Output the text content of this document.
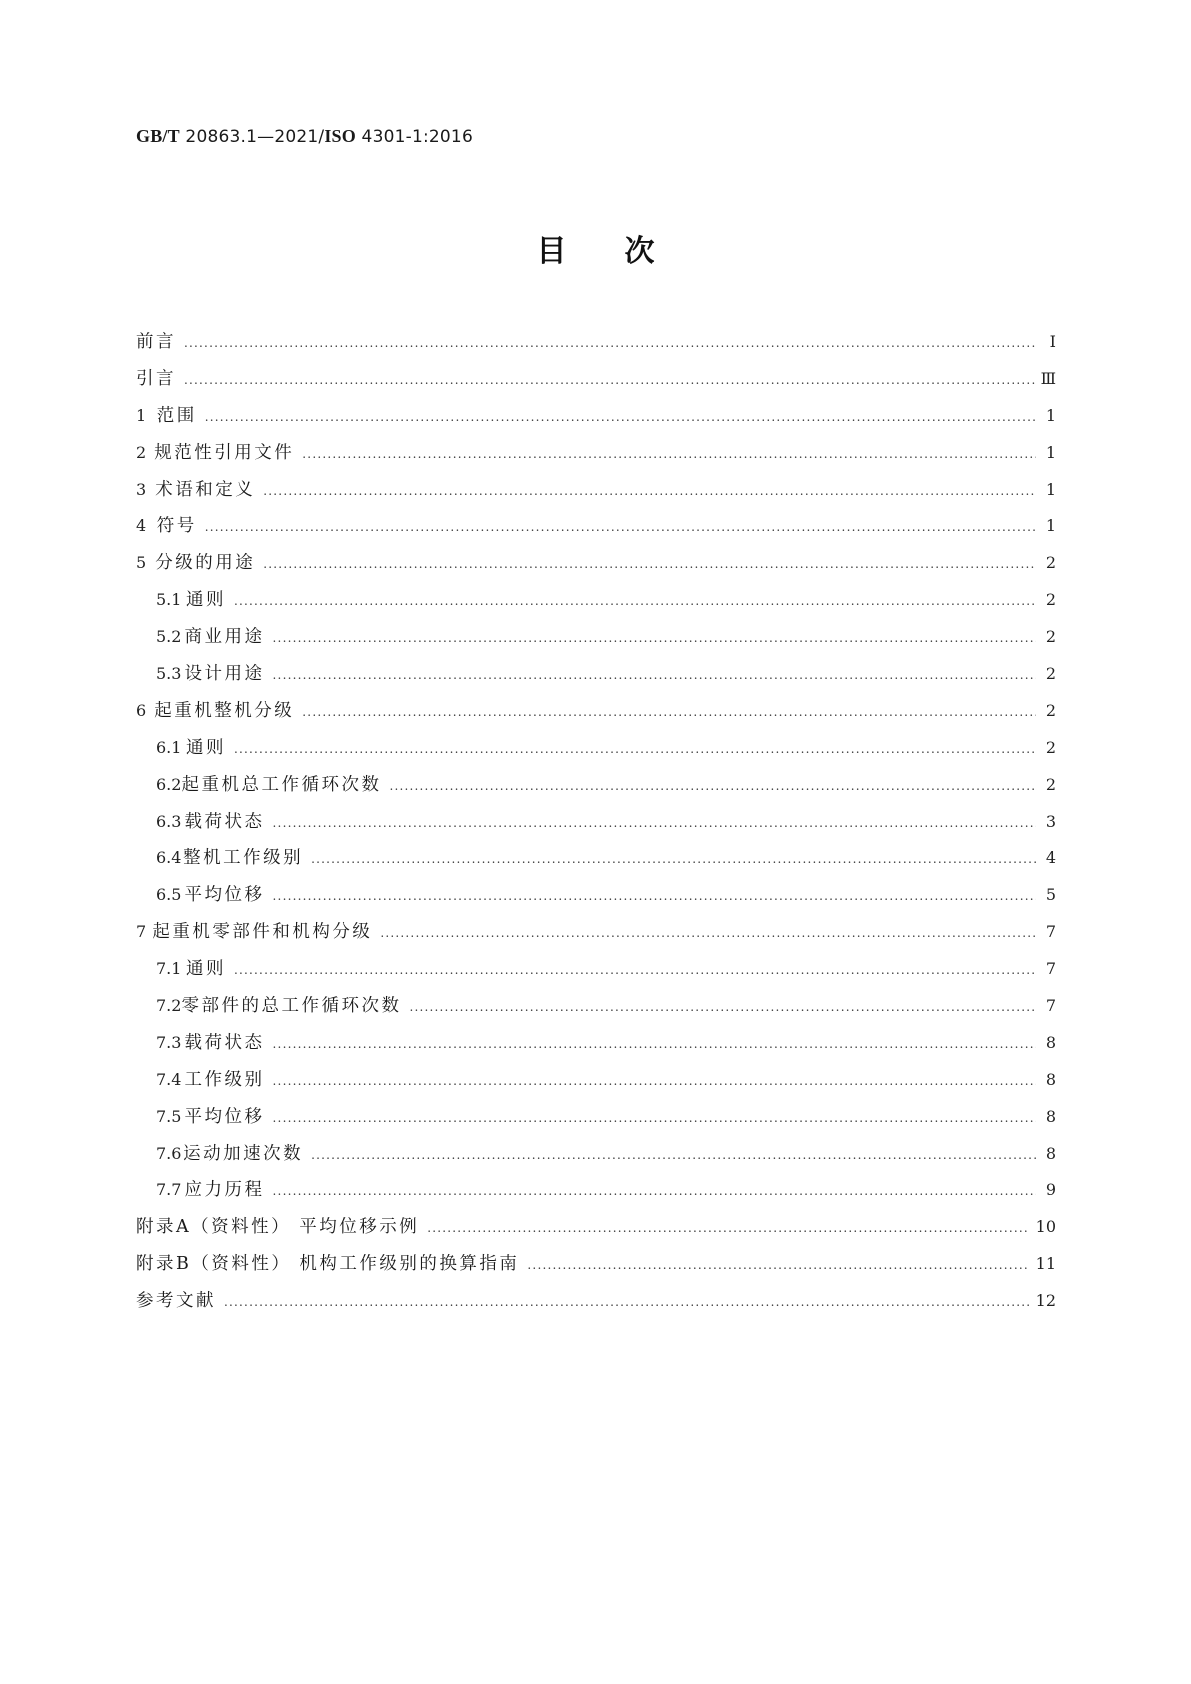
GB/T 20863.1—2021/ISO 4301-1:2016
目次
前言 .....	Ⅰ
引言 .....	Ⅲ
1 范围 .....	1
2 规范性引用文件 .....	1
3 术语和定义 .....	1
4 符号 .....	1
5 分级的用途 .....	2
5.1 通则 .....	2
5.2 商业用途 .....	2
5.3 设计用途 .....	2
6 起重机整机分级 .....	2
6.1 通则 .....	2
6.2 起重机总工作循环次数 .....	2
6.3 载荷状态 .....	3
6.4 整机工作级别 .....	4
6.5 平均位移 .....	5
7 起重机零部件和机构分级 .....	7
7.1 通则 .....	7
7.2 零部件的总工作循环次数 .....	7
7.3 载荷状态 .....	8
7.4 工作级别 .....	8
7.5 平均位移 .....	8
7.6 运动加速次数 .....	8
7.7 应力历程 .....	9
附录A（资料性） 平均位移示例 .....	10
附录B（资料性） 机构工作级别的换算指南 .....	11
参考文献 .....	12
